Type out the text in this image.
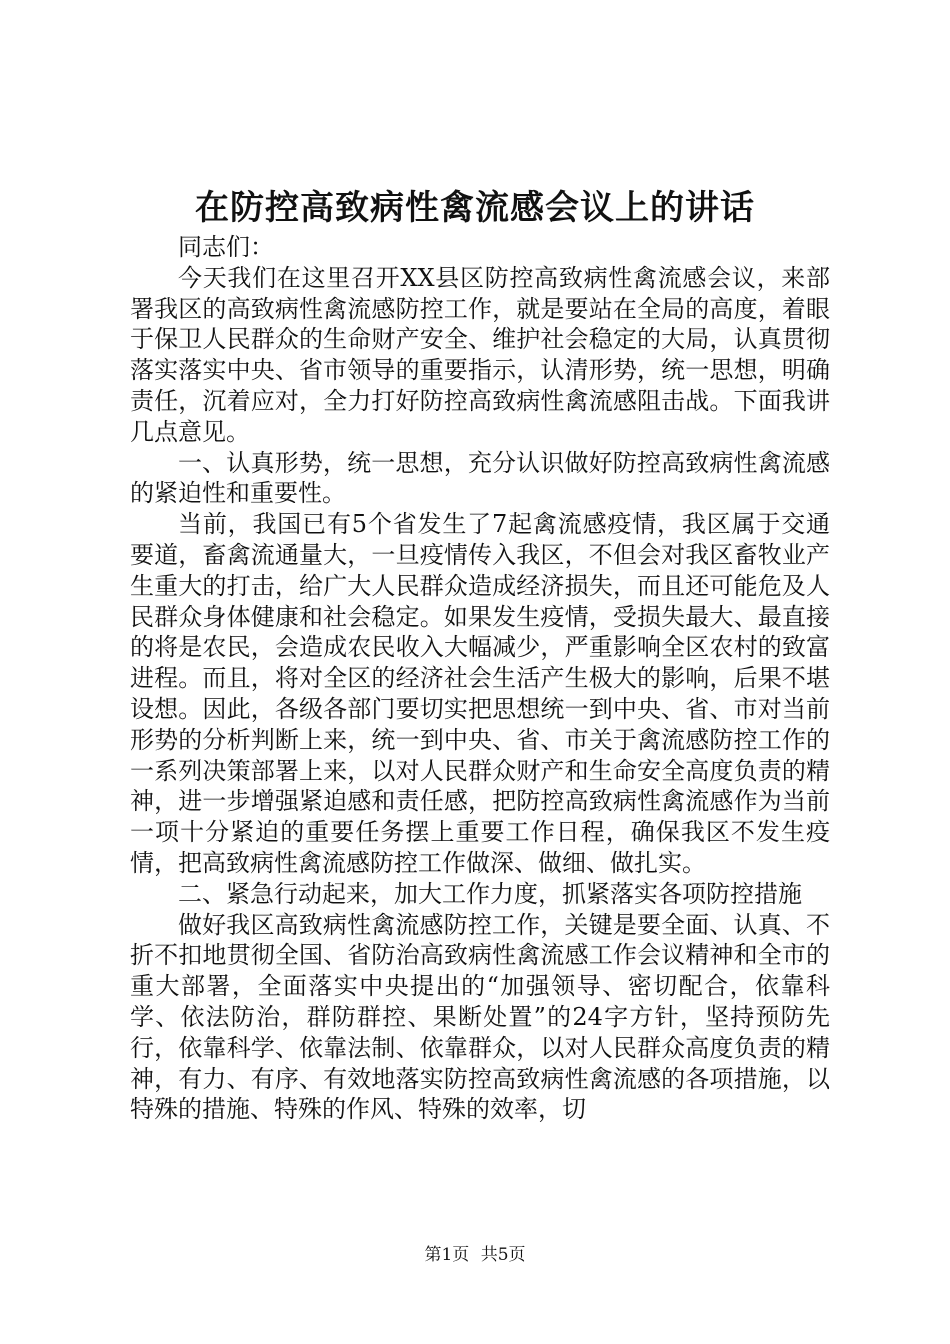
在防控高致病性禽流感会议上的讲话

同志们：

今天我们在这里召开XX县区防控高致病性禽流感会议，来部署我区的高致病性禽流感防控工作，就是要站在全局的高度，着眼于保卫人民群众的生命财产安全、维护社会稳定的大局，认真贯彻落实落实中央、省市领导的重要指示，认清形势，统一思想，明确责任，沉着应对，全力打好防控高致病性禽流感阻击战。下面我讲几点意见。

一、认真形势，统一思想，充分认识做好防控高致病性禽流感的紧迫性和重要性。

当前，我国已有5个省发生了7起禽流感疫情，我区属于交通要道，畜禽流通量大，一旦疫情传入我区，不但会对我区畜牧业产生重大的打击，给广大人民群众造成经济损失，而且还可能危及人民群众身体健康和社会稳定。如果发生疫情，受损失最大、最直接的将是农民，会造成农民收入大幅减少，严重影响全区农村的致富进程。而且，将对全区的经济社会生活产生极大的影响，后果不堪设想。因此，各级各部门要切实把思想统一到中央、省、市对当前形势的分析判断上来，统一到中央、省、市关于禽流感防控工作的一系列决策部署上来，以对人民群众财产和生命安全高度负责的精神，进一步增强紧迫感和责任感，把防控高致病性禽流感作为当前一项十分紧迫的重要任务摆上重要工作日程，确保我区不发生疫情，把高致病性禽流感防控工作做深、做细、做扎实。

二、紧急行动起来，加大工作力度，抓紧落实各项防控措施

做好我区高致病性禽流感防控工作，关键是要全面、认真、不折不扣地贯彻全国、省防治高致病性禽流感工作会议精神和全市的重大部署，全面落实中央提出的“加强领导、密切配合，依靠科学、依法防治，群防群控、果断处置”的24字方针，坚持预防先行，依靠科学、依靠法制、依靠群众，以对人民群众高度负责的精神，有力、有序、有效地落实防控高致病性禽流感的各项措施，以特殊的措施、特殊的作风、特殊的效率，切

第1页 共5页
